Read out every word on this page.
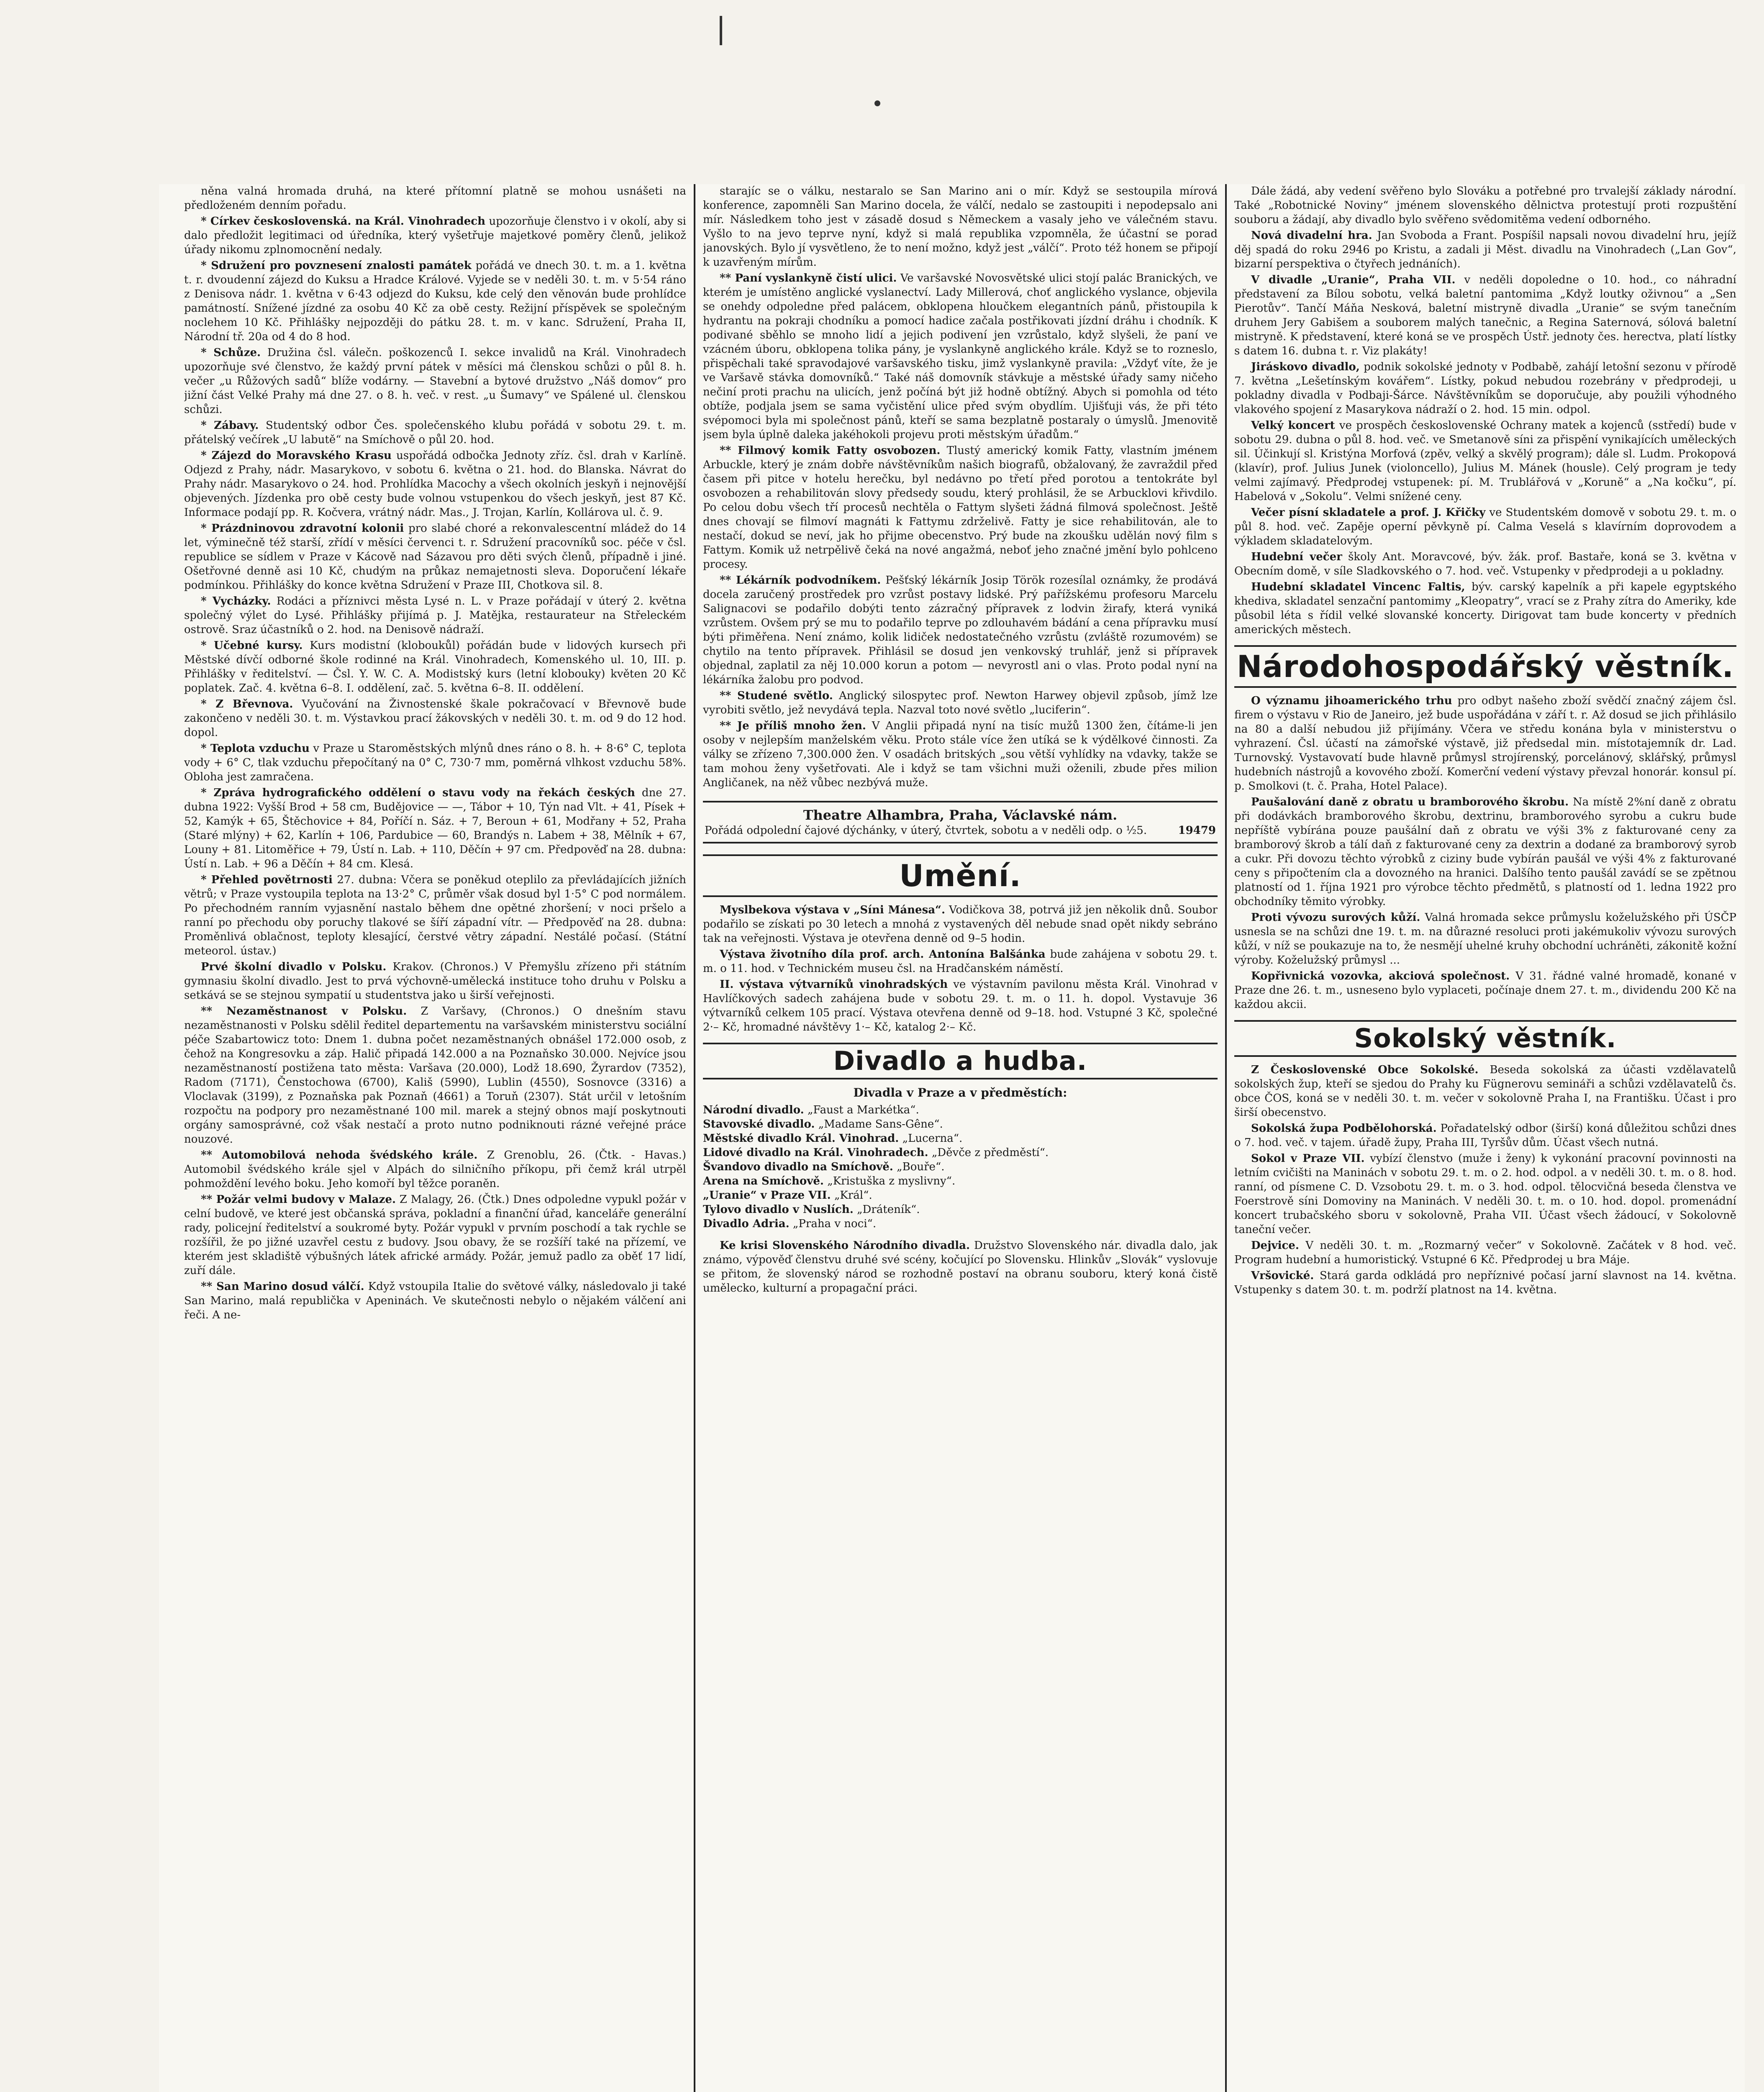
něna valná hromada druhá, na které přítomní platně se mohou usnášeti na předloženém denním pořadu.

* Církev československá. na Král. Vinohradech upozorňuje členstvo i v okolí, aby si dalo předložit legitimaci od úředníka, který vyšetřuje majetkové poměry členů, jelikož úřady nikomu zplnomocnění nedaly.

* Sdružení pro povznesení znalosti památek pořádá ve dnech 30. t. m. a 1. května t. r. dvoudenní zájezd do Kuksu a Hradce Králové. Vyjede se v neděli 30. t. m. v 5·54 ráno z Denisova nádr. 1. května v 6·43 odjezd do Kuksu, kde celý den věnován bude prohlídce památností. Snížené jízdné za osobu 40 Kč za obě cesty. Režijní příspěvek se společným noclehem 10 Kč. Přihlášky nejpozději do pátku 28. t. m. v kanc. Sdružení, Praha II, Národní tř. 20a od 4 do 8 hod.

* Schůze. Družina čsl. válečn. poškozenců I. sekce invalidů na Král. Vinohradech upozorňuje své členstvo, že každý první pátek v měsíci má členskou schůzi o půl 8. h. večer „u Růžových sadů“ blíže vodárny. — Stavební a bytové družstvo „Náš domov“ pro jižní část Velké Prahy má dne 27. o 8. h. več. v rest. „u Šumavy“ ve Spálené ul. členskou schůzi.

* Zábavy. Studentský odbor Čes. společenského klubu pořádá v sobotu 29. t. m. přátelský večírek „U labutě“ na Smíchově o půl 20. hod.

* Zájezd do Moravského Krasu uspořádá odbočka Jednoty zříz. čsl. drah v Karlíně. Odjezd z Prahy, nádr. Masarykovo, v sobotu 6. května o 21. hod. do Blanska. Návrat do Prahy nádr. Masarykovo o 24. hod. Prohlídka Macochy a všech okolních jeskyň i nejnovější objevených. Jízdenka pro obě cesty bude volnou vstupenkou do všech jeskyň, jest 87 Kč. Informace podají pp. R. Kočvera, vrátný nádr. Mas., J. Trojan, Karlín, Kollárova ul. č. 9.

* Prázdninovou zdravotní kolonii pro slabé choré a rekonvalescentní mládež do 14 let, výminečně též starší, zřídí v měsíci červenci t. r. Sdružení pracovníků soc. péče v čsl. republice se sídlem v Praze v Kácově nad Sázavou pro děti svých členů, případně i jiné. Ošetřovné denně asi 10 Kč, chudým na průkaz nemajetnosti sleva. Doporučení lékaře podmínkou. Přihlášky do konce května Sdružení v Praze III, Chotkova sil. 8.

* Vycházky. Rodáci a příznivci města Lysé n. L. v Praze pořádají v úterý 2. května společný výlet do Lysé. Přihlášky přijímá p. J. Matějka, restaurateur na Střeleckém ostrově. Sraz účastníků o 2. hod. na Denisově nádraží.

* Učebné kursy. Kurs modistní (kloboukůl) pořádán bude v lidových kursech při Městské dívčí odborné škole rodinné na Král. Vinohradech, Komenského ul. 10, III. p. Přihlášky v ředitelství. — Čsl. Y. W. C. A. Modistský kurs (letní klobouky) květen 20 Kč poplatek. Zač. 4. května 6–8. I. oddělení, zač. 5. května 6–8. II. oddělení.

* Z Břevnova. Vyučování na Živnostenské škale pokračovací v Břevnově bude zakončeno v neděli 30. t. m. Výstavkou prací žákovských v neděli 30. t. m. od 9 do 12 hod. dopol.

* Teplota vzduchu v Praze u Staroměstských mlýnů dnes ráno o 8. h. + 8·6° C, teplota vody + 6° C, tlak vzduchu přepočítaný na 0° C, 730·7 mm, poměrná vlhkost vzduchu 58%. Obloha jest zamračena.

* Zpráva hydrografického oddělení o stavu vody na řekách českých dne 27. dubna 1922: Vyšší Brod + 58 cm, Budějovice — —, Tábor + 10, Týn nad Vlt. + 41, Písek + 52, Kamýk + 65, Štěchovice + 84, Poříčí n. Sáz. + 7, Beroun + 61, Modřany + 52, Praha (Staré mlýny) + 62, Karlín + 106, Pardubice — 60, Brandýs n. Labem + 38, Mělník + 67, Louny + 81. Litoměřice + 79, Ústí n. Lab. + 110, Děčín + 97 cm. Předpověď na 28. dubna: Ústí n. Lab. + 96 a Děčín + 84 cm. Klesá.

* Přehled povětrnosti 27. dubna: Včera se poněkud oteplilo za převládajících jižních větrů; v Praze vystoupila teplota na 13·2° C, průměr však dosud byl 1·5° C pod normálem. Po přechodném ranním vyjasnění nastalo během dne opětné zhoršení; v noci pršelo a ranní po přechodu oby poruchy tlakové se šíří západní vítr. — Předpověď na 28. dubna: Proměnlivá oblačnost, teploty klesající, čerstvé větry západní. Nestálé počasí. (Státní meteorol. ústav.)

Prvé školní divadlo v Polsku. Krakov. (Chronos.) V Přemyšlu zřízeno při státním gymnasiu školní divadlo. Jest to prvá výchovně-umělecká instituce toho druhu v Polsku a setkává se se stejnou sympatií u studentstva jako u širší veřejnosti.

** Nezaměstnanost v Polsku. Z Varšavy, (Chronos.) O dnešním stavu nezaměstnanosti v Polsku sdělil ředitel departementu na varšavském ministerstvu sociální péče Szabartowicz toto: Dnem 1. dubna počet nezaměstnaných obnášel 172.000 osob, z čehož na Kongresovku a záp. Halič připadá 142.000 a na Poznaňsko 30.000. Nejvíce jsou nezaměstnaností postižena tato města: Varšava (20.000), Lodž 18.690, Žyrardov (7352), Radom (7171), Čenstochowa (6700), Kališ (5990), Lublin (4550), Sosnovce (3316) a Vloclavak (3199), z Poznaňska pak Poznaň (4661) a Toruň (2307). Stát určil v letošním rozpočtu na podpory pro nezaměstnané 100 mil. marek a stejný obnos mají poskytnouti orgány samosprávné, což však nestačí a proto nutno podniknouti rázné veřejné práce nouzové.

** Automobilová nehoda švédského krále. Z Grenoblu, 26. (Čtk. - Havas.) Automobil švédského krále sjel v Alpách do silničního příkopu, při čemž král utrpěl pohmoždění levého boku. Jeho komoří byl těžce poraněn.

** Požár velmi budovy v Malaze. Z Malagy, 26. (Čtk.) Dnes odpoledne vypukl požár v celní budově, ve které jest občanská správa, pokladní a finanční úřad, kanceláře generální rady, policejní ředitelství a soukromé byty. Požár vypukl v prvním poschodí a tak rychle se rozšířil, že po jižné uzavřel cestu z budovy. Jsou obavy, že se rozšíří také na přízemí, ve kterém jest skladiště výbušných látek africké armády. Požár, jemuž padlo za oběť 17 lidí, zuří dále.

** San Marino dosud válčí. Když vstoupila Italie do světové války, následovalo ji také San Marino, malá republička v Apeninách. Ve skutečnosti nebylo o nějakém válčení ani řeči. A ne-

starajíc se o válku, nestaralo se San Marino ani o mír. Když se sestoupila mírová konference, zapomněli San Marino docela, že válčí, nedalo se zastoupiti i nepodepsalo ani mír. Následkem toho jest v zásadě dosud s Německem a vasaly jeho ve válečném stavu. Vyšlo to na jevo teprve nyní, když si malá republika vzpomněla, že účastní se porad janovských. Bylo jí vysvětleno, že to není možno, když jest „válčí“. Proto též honem se připojí k uzavřeným mírům.

** Paní vyslankyně čistí ulici. Ve varšavské Novosvětské ulici stojí palác Branických, ve kterém je umístěno anglické vyslanectví. Lady Millerová, choť anglického vyslance, objevila se onehdy odpoledne před palácem, obklopena hloučkem elegantních pánů, přistoupila k hydrantu na pokraji chodníku a pomocí hadice začala postřikovati jízdní dráhu i chodník. K podivané sběhlo se mnoho lidí a jejich podivení jen vzrůstalo, když slyšeli, že paní ve vzácném úboru, obklopena tolika pány, je vyslankyně anglického krále. Když se to rozneslo, přispěchali také spravodajové varšavského tisku, jimž vyslankyně pravila: „Vždyť víte, že je ve Varšavě stávka domovníků.“ Také náš domovník stávkuje a městské úřady samy ničeho nečiní proti prachu na ulicích, jenž počíná být již hodně obtížný. Abych si pomohla od této obtíže, podjala jsem se sama vyčistění ulice před svým obydlím. Ujišťuji vás, že při této svépomoci byla mi společnost pánů, kteří se sama bezplatně postaraly o úmyslů. Jmenovitě jsem byla úplně daleka jakéhokoli projevu proti městským úřadům.“

** Filmový komik Fatty osvobozen. Tlustý americký komik Fatty, vlastním jménem Arbuckle, který je znám dobře návštěvníkům našich biografů, obžalovaný, že zavraždil před časem při pitce v hotelu herečku, byl nedávno po třetí před porotou a tentokráte byl osvobozen a rehabilitován slovy předsedy soudu, který prohlásil, že se Arbucklovi křivdilo. Po celou dobu všech tří procesů nechtěla o Fattym slyšeti žádná filmová společnost. Ještě dnes chovají se filmoví magnáti k Fattymu zdrželivě. Fatty je sice rehabilitován, ale to nestačí, dokud se neví, jak ho přijme obecenstvo. Prý bude na zkoušku udělán nový film s Fattym. Komik už netrpělivě čeká na nové angažmá, neboť jeho značné jmění bylo pohlceno procesy.

** Lékárník podvodníkem. Pešťský lékárník Josip Török rozesílal oznámky, že prodává docela zaručený prostředek pro vzrůst postavy lidské. Prý pařížskému profesoru Marcelu Salignacovi se podařilo dobýti tento zázračný přípravek z lodvin žirafy, která vyniká vzrůstem. Ovšem prý se mu to podařilo teprve po zdlouhavém bádání a cena přípravku musí býti přiměřena. Není známo, kolik lidiček nedostatečného vzrůstu (zvláště rozumovém) se chytilo na tento přípravek. Přihlásil se dosud jen venkovský truhlář, jenž si přípravek objednal, zaplatil za něj 10.000 korun a potom — nevyrostl ani o vlas. Proto podal nyní na lékárníka žalobu pro podvod.

** Studené světlo. Anglický silospytec prof. Newton Harwey objevil způsob, jímž lze vyrobiti světlo, jež nevydává tepla. Nazval toto nové světlo „luciferin“.

** Je příliš mnoho žen. V Anglii připadá nyní na tisíc mužů 1300 žen, čítáme-li jen osoby v nejlepším manželském věku. Proto stále více žen utíká se k výdělkové činnosti. Za války se zřízeno 7,300.000 žen. V osadách britských „sou větší vyhlídky na vdavky, takže se tam mohou ženy vyšetřovati. Ale i když se tam všichni muži oženili, zbude přes milion Angličanek, na něž vůbec nezbývá muže.

Theatre Alhambra, Praha, Václavské nám.
Pořádá odpolední čajové dýchánky, v úterý, čtvrtek, sobotu a v neděli odp. o ¹⁄₂5.	19479
Umění.

Myslbekova výstava v „Síni Mánesa“. Vodičkova 38, potrvá již jen několik dnů. Soubor podařilo se získati po 30 letech a mnohá z vystavených děl nebude snad opět nikdy sebráno tak na veřejnosti. Výstava je otevřena denně od 9–5 hodin.

Výstava životního díla prof. arch. Antonína Balšánka bude zahájena v sobotu 29. t. m. o 11. hod. v Technickém museu čsl. na Hradčanském náměstí.

II. výstava výtvarníků vinohradských ve výstavním pavilonu města Král. Vinohrad v Havlíčkových sadech zahájena bude v sobotu 29. t. m. o 11. h. dopol. Vystavuje 36 výtvarníků celkem 105 prací. Výstava otevřena denně od 9–18. hod. Vstupné 3 Kč, společné 2·– Kč, hromadné návštěvy 1·– Kč, katalog 2·– Kč.

Divadlo a hudba.
Divadla v Praze a v předměstích:

Národní divadlo. „Faust a Markétka“.

Stavovské divadlo. „Madame Sans-Gêne“.

Městské divadlo Král. Vinohrad. „Lucerna“.

Lidové divadlo na Král. Vinohradech. „Děvče z předměstí“.

Švandovo divadlo na Smíchově. „Bouře“.

Arena na Smíchově. „Kristuška z myslivny“.

„Uranie“ v Praze VII. „Král“.

Tylovo divadlo v Nuslích. „Dráteník“.

Divadlo Adria. „Praha v noci“.

Ke krisi Slovenského Národního divadla. Družstvo Slovenského nár. divadla dalo, jak známo, výpověď členstvu druhé své scény, kočující po Slovensku. Hlinkův „Slovák“ vyslovuje se přitom, že slovenský národ se rozhodně postaví na obranu souboru, který koná čistě umělecko, kulturní a propagační práci.

Dále žádá, aby vedení svěřeno bylo Slováku a potřebné pro trvalejší základy národní. Také „Robotnické Noviny“ jménem slovenského dělnictva protestují proti rozpuštění souboru a žádají, aby divadlo bylo svěřeno svědomitěma vedení odborného.

Nová divadelní hra. Jan Svoboda a Frant. Pospíšil napsali novou divadelní hru, jejíž děj spadá do roku 2946 po Kristu, a zadali ji Měst. divadlu na Vinohradech („Lan Gov“, bizarní perspektiva o čtyřech jednáních).

V divadle „Uranie“, Praha VII. v neděli dopoledne o 10. hod., co náhradní představení za Bílou sobotu, velká baletní pantomima „Když loutky oživnou“ a „Sen Pierotův“. Tančí Máňa Nesková, baletní mistryně divadla „Uranie“ se svým tanečním druhem Jery Gabišem a souborem malých tanečnic, a Regina Saternová, sólová baletní mistryně. K představení, které koná se ve prospěch Ústř. jednoty čes. herectva, platí lístky s datem 16. dubna t. r. Viz plakáty!

Jiráskovo divadlo, podnik sokolské jednoty v Podbabě, zahájí letošní sezonu v přírodě 7. května „Lešetínským kovářem“. Lístky, pokud nebudou rozebrány v předprodeji, u pokladny divadla v Podbaji-Šárce. Návštěvníkům se doporučuje, aby použili výhodného vlakového spojení z Masarykova nádraží o 2. hod. 15 min. odpol.

Velký koncert ve prospěch československé Ochrany matek a kojenců (sstředí) bude v sobotu 29. dubna o půl 8. hod. več. ve Smetanově síni za přispění vynikajících uměleckých sil. Účinkují sl. Kristýna Morfová (zpěv, velký a skvělý program); dále sl. Ludm. Prokopová (klavír), prof. Julius Junek (violoncello), Julius M. Mánek (housle). Celý program je tedy velmi zajímavý. Předprodej vstupenek: pí. M. Trublářová v „Koruně“ a „Na kočku“, pí. Habelová v „Sokolu“. Velmi snížené ceny.

Večer písní skladatele a prof. J. Křičky ve Studentském domově v sobotu 29. t. m. o půl 8. hod. več. Zapěje operní pěvkyně pí. Calma Veselá s klavírním doprovodem a výkladem skladatelovým.

Hudební večer školy Ant. Moravcové, býv. žák. prof. Bastaře, koná se 3. května v Obecním domě, v síle Sladkovského o 7. hod. več. Vstupenky v předprodeji a u pokladny.

Hudební skladatel Vincenc Faltis, býv. carský kapelník a při kapele egyptského khediva, skladatel senzační pantomimy „Kleopatry“, vrací se z Prahy zítra do Ameriky, kde působil léta s řídil velké slovanské koncerty. Dirigovat tam bude koncerty v předních amerických městech.

Národohospodářský věstník.

O významu jihoamerického trhu pro odbyt našeho zboží svědčí značný zájem čsl. firem o výstavu v Rio de Janeiro, jež bude uspořádána v září t. r. Až dosud se jich přihlásilo na 80 a další nebudou již přijímány. Včera ve středu konána byla v ministerstvu o vyhrazení. Čsl. účastí na zámořské výstavě, již předsedal min. místotajemník dr. Lad. Turnovský. Vystavovatí bude hlavně průmysl strojírenský, porcelánový, sklářský, průmysl hudebních nástrojů a kovového zboží. Komerční vedení výstavy převzal honorár. konsul pí. p. Smolkovi (t. č. Praha, Hotel Palace).

Paušalování daně z obratu u bramborového škrobu. Na místě 2%ní daně z obratu při dodávkách bramborového škrobu, dextrinu, bramborového syrobu a cukru bude nepříště vybírána pouze paušální daň z obratu ve výši 3% z fakturované ceny za bramborový škrob a tálí daň z fakturované ceny za dextrin a dodané za bramborový syrob a cukr. Při dovozu těchto výrobků z ciziny bude vybírán paušál ve výši 4% z fakturované ceny s připočtením cla a dovozného na hranici. Dalšího tento paušál zavádí se se zpětnou platností od 1. října 1921 pro výrobce těchto předmětů, s platností od 1. ledna 1922 pro obchodníky těmito výrobky.

Proti vývozu surových kůží. Valná hromada sekce průmyslu koželužského při ÚSČP usnesla se na schůzi dne 19. t. m. na důrazné resoluci proti jakémukoliv vývozu surových kůží, v níž se poukazuje na to, že nesmějí uhelné kruhy obchodní uchráněti, zákonitě kožní výroby. Koželužský průmysl ...

Kopřivnická vozovka, akciová společnost. V 31. řádné valné hromadě, konané v Praze dne 26. t. m., usneseno bylo vyplaceti, počínaje dnem 27. t. m., dividendu 200 Kč na každou akcii.

Sokolský věstník.

Z Československé Obce Sokolské. Beseda sokolská za účasti vzdělavatelů sokolských žup, kteří se sjedou do Prahy ku Fügnerovu semináři a schůzi vzdělavatelů čs. obce ČOS, koná se v neděli 30. t. m. večer v sokolovně Praha I, na Františku. Účast i pro širší obecenstvo.

Sokolská župa Podbělohorská. Pořadatelský odbor (širší) koná důležitou schůzi dnes o 7. hod. več. v tajem. úřadě župy, Praha III, Tyršův dům. Účast všech nutná.

Sokol v Praze VII. vybízí členstvo (muže i ženy) k vykonání pracovní povinnosti na letním cvičišti na Maninách v sobotu 29. t. m. o 2. hod. odpol. a v neděli 30. t. m. o 8. hod. ranní, od písmene C. D. Vzsobotu 29. t. m. o 3. hod. odpol. tělocvičná beseda členstva ve Foerstrově síni Domoviny na Maninách. V neděli 30. t. m. o 10. hod. dopol. promenádní koncert trubačského sboru v sokolovně, Praha VII. Účast všech žádoucí, v Sokolovně taneční večer.

Dejvice. V neděli 30. t. m. „Rozmarný večer“ v Sokolovně. Začátek v 8 hod. več. Program hudební a humoristický. Vstupné 6 Kč. Předprodej u bra Máje.

Vršovické. Stará garda odkládá pro nepříznivé počasí jarní slavnost na 14. května. Vstupenky s datem 30. t. m. podrží platnost na 14. května.
